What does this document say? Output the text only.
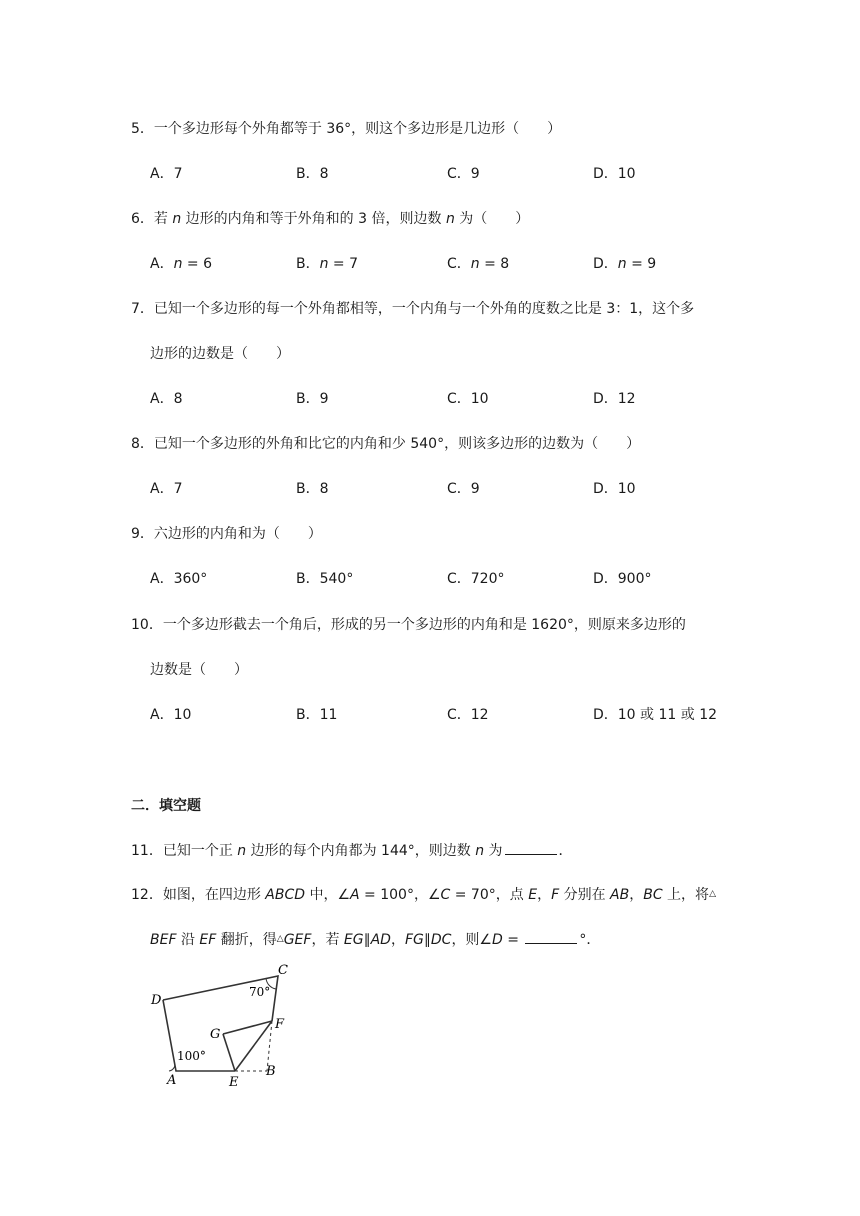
5．一个多边形每个外角都等于 36°，则这个多边形是几边形（　　）
A．7	B．8	C．9	D．10
6．若 n 边形的内角和等于外角和的 3 倍，则边数 n 为（　　）
A．n = 6	B．n = 7	C．n = 8	D．n = 9
7．已知一个多边形的每一个外角都相等，一个内角与一个外角的度数之比是 3：1，这个多
边形的边数是（　　）
A．8	B．9	C．10	D．12
8．已知一个多边形的外角和比它的内角和少 540°，则该多边形的边数为（　　）
A．7	B．8	C．9	D．10
9．六边形的内角和为（　　）
A．360°	B．540°	C．720°	D．900°
10．一个多边形截去一个角后，形成的另一个多边形的内角和是 1620°，则原来多边形的
边数是（　　）
A．10	B．11	C．12	D．10 或 11 或 12
二．填空题
11．已知一个正 n 边形的每个内角都为 144°，则边数 n 为	．
12．如图，在四边形 ABCD 中，∠A = 100°，∠C = 70°，点 E，F 分别在 AB，BC 上，将△
BEF 沿 EF 翻折，得△GEF，若 EG∥AD，FG∥DC，则∠D =	°．
C
D
G
F
A	E
B
70°
100°
